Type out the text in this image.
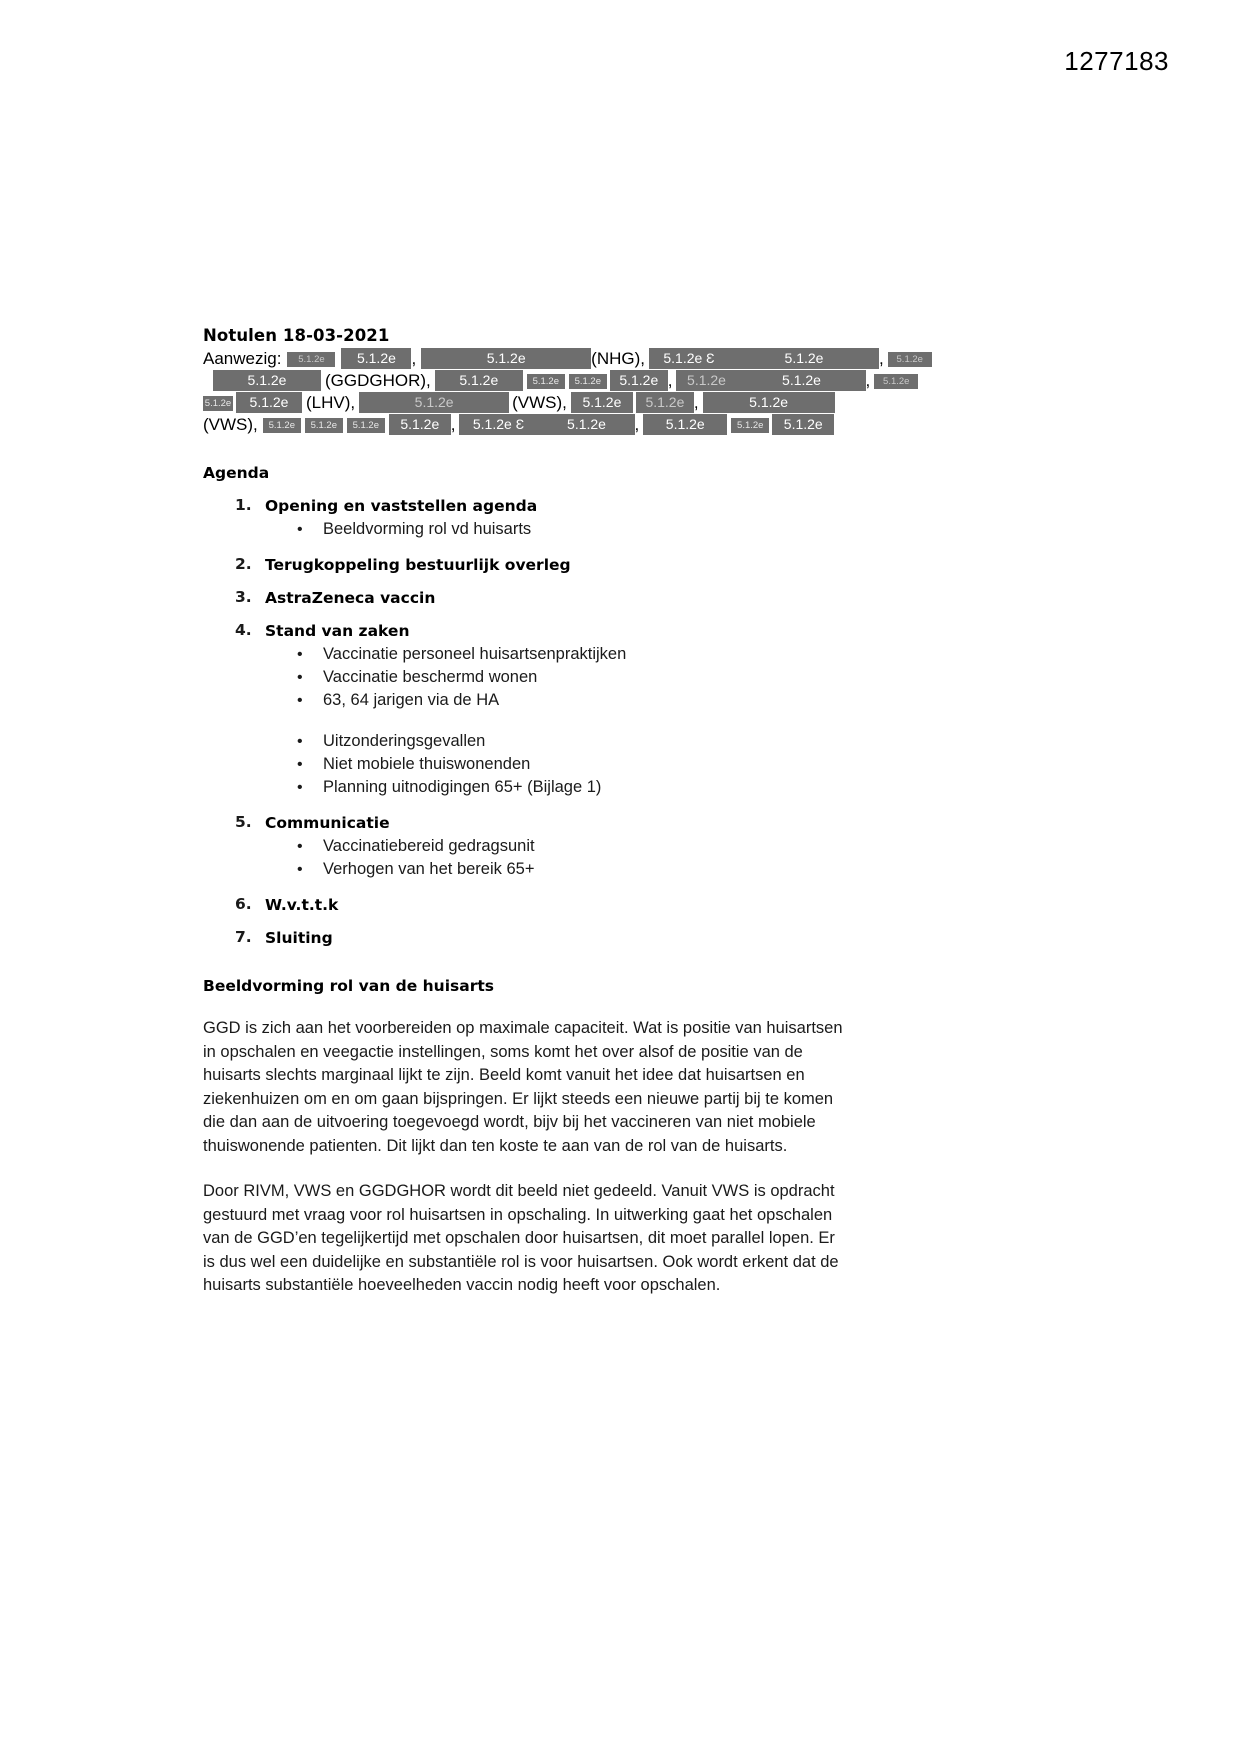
1277183
Notulen 18-03-2021
Aanwezig: 5.1.2e 5.1.2e ,	5.1.2e	(NHG), 5.1.2e Ɛ	5.1.2e	, 5.1.2e
5.1.2e (GGDGHOR), 5.1.2e	5.1.2e 5.1.2e 5.1.2e , 5.1.2e	5.1.2e	, 5.1.2e
5.1.2e 5.1.2e (LHV),	5.1.2e	(VWS), 5.1.2e 5.1.2e ,	5.1.2e
(VWS), 5.1.2e 5.1.2e 5.1.2e 5.1.2e , 5.1.2e Ɛ	5.1.2e , 5.1.2e	5.1.2e 5.1.2e
Agenda
1. Opening en vaststellen agenda
• Beeldvorming rol vd huisarts
2. Terugkoppeling bestuurlijk overleg
3. AstraZeneca vaccin
4. Stand van zaken
• Vaccinatie personeel huisartsenpraktijken
• Vaccinatie beschermd wonen
• 63, 64 jarigen via de HA
• Uitzonderingsgevallen
• Niet mobiele thuiswonenden
• Planning uitnodigingen 65+ (Bijlage 1)
5. Communicatie
• Vaccinatiebereid gedragsunit
• Verhogen van het bereik 65+
6. W.v.t.t.k
7. Sluiting
Beeldvorming rol van de huisarts

GGD is zich aan het voorbereiden op maximale capaciteit. Wat is positie van huisartsen in opschalen en veegactie instellingen, soms komt het over alsof de positie van de huisarts slechts marginaal lijkt te zijn. Beeld komt vanuit het idee dat huisartsen en ziekenhuizen om en om gaan bijspringen. Er lijkt steeds een nieuwe partij bij te komen die dan aan de uitvoering toegevoegd wordt, bijv bij het vaccineren van niet mobiele thuiswonende patienten. Dit lijkt dan ten koste te aan van de rol van de huisarts.

Door RIVM, VWS en GGDGHOR wordt dit beeld niet gedeeld. Vanuit VWS is opdracht gestuurd met vraag voor rol huisartsen in opschaling. In uitwerking gaat het opschalen van de GGD’en tegelijkertijd met opschalen door huisartsen, dit moet parallel lopen. Er is dus wel een duidelijke en substantiële rol is voor huisartsen. Ook wordt erkent dat de huisarts substantiële hoeveelheden vaccin nodig heeft voor opschalen.
